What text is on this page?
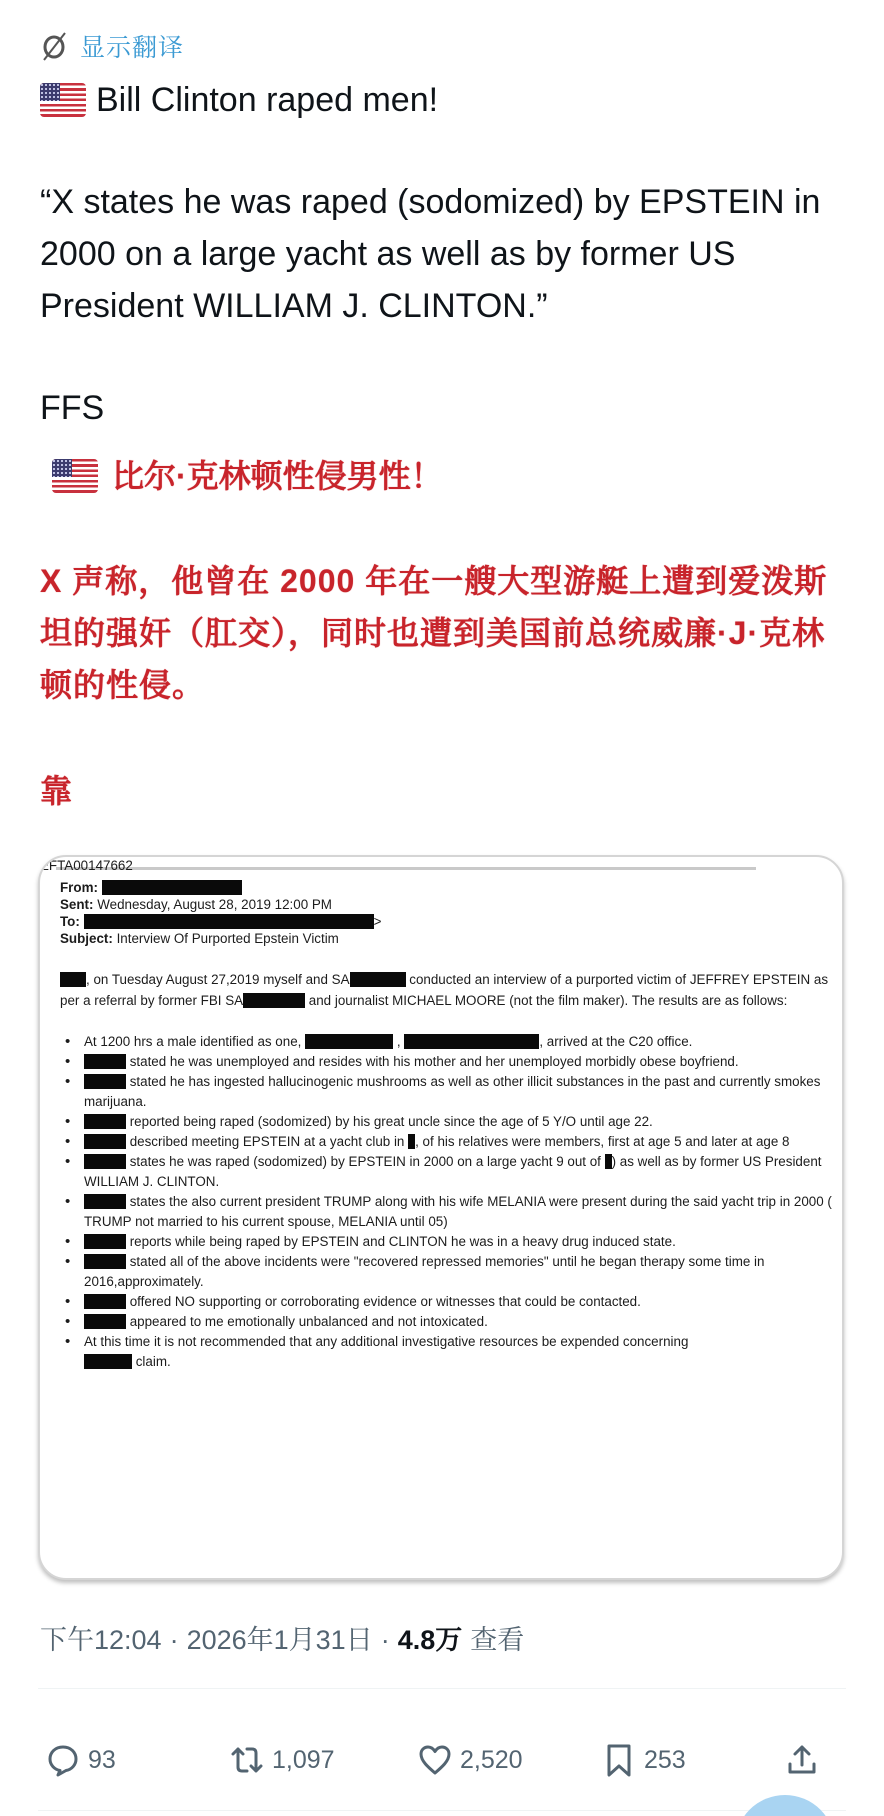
显示翻译
Bill Clinton raped men!
“X states he was raped (sodomized) by EPSTEIN in 2000 on a large yacht as well as by former US President WILLIAM J. CLINTON.”
FFS
比尔·克林顿性侵男性！
X 声称，他曾在 2000 年在一艘大型游艇上遭到爱泼斯坦的强奸（肛交），同时也遭到美国前总统威廉·J·克林顿的性侵。
靠
From:
Sent: Wednesday, August 28, 2019 12:00 PM
To:	>
Subject: Interview Of Purported Epstein Victim
, on Tuesday August 27,2019 myself and SA	conducted an interview of a purported victim of JEFFREY EPSTEIN as per a referral by former FBI SA	and journalist MICHAEL MOORE (not the film maker). The results are as follows:
• At 1200 hrs a male identified as one,	,	, arrived at the C20 office.
• stated he was unemployed and resides with his mother and her unemployed morbidly obese boyfriend.
• stated he has ingested hallucinogenic mushrooms as well as other illicit substances in the past and currently smokes marijuana.
• reported being raped (sodomized) by his great uncle since the age of 5 Y/O until age 22.
• described meeting EPSTEIN at a yacht club in , of his relatives were members, first at age 5 and later at age 8
• states he was raped (sodomized) by EPSTEIN in 2000 on a large yacht 9 out of ) as well as by former US President WILLIAM J. CLINTON.
• states the also current president TRUMP along with his wife MELANIA were present during the said yacht trip in 2000 ( TRUMP not married to his current spouse, MELANIA until 05)
• reports while being raped by EPSTEIN and CLINTON he was in a heavy drug induced state.
• stated all of the above incidents were "recovered repressed memories" until he began therapy some time in 2016,approximately.
• offered NO supporting or corroborating evidence or witnesses that could be contacted.
• appeared to me emotionally unbalanced and not intoxicated.
• At this time it is not recommended that any additional investigative resources be expended concerning
claim.
EFTA00147662
下午12:04 · 2026年1月31日 · 4.8万 查看
93	1,097	2,520	253
